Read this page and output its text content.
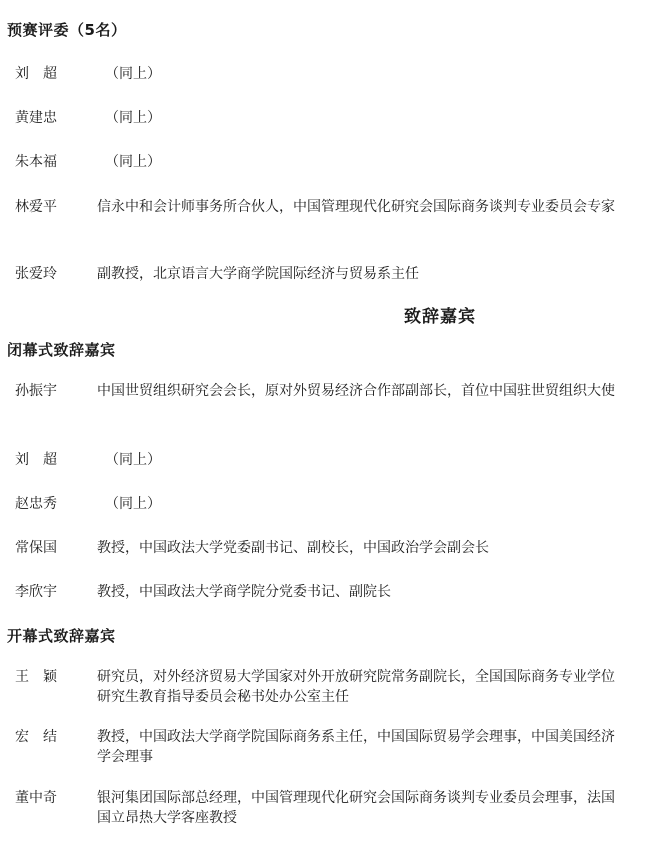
预赛评委（5名）
刘　超	（同上）
黄建忠	（同上）
朱本福	（同上）
林爱平	信永中和会计师事务所合伙人，中国管理现代化研究会国际商务谈判专业委员会专家
张爱玲	副教授，北京语言大学商学院国际经济与贸易系主任
致辞嘉宾
闭幕式致辞嘉宾
孙振宇	中国世贸组织研究会会长，原对外贸易经济合作部副部长，首位中国驻世贸组织大使
刘　超	（同上）
赵忠秀	（同上）
常保国	教授，中国政法大学党委副书记、副校长，中国政治学会副会长
李欣宇	教授，中国政法大学商学院分党委书记、副院长
开幕式致辞嘉宾
王　颖	研究员，对外经济贸易大学国家对外开放研究院常务副院长，全国国际商务专业学位研究生教育指导委员会秘书处办公室主任
宏　结	教授，中国政法大学商学院国际商务系主任，中国国际贸易学会理事，中国美国经济学会理事
董中奇	银河集团国际部总经理，中国管理现代化研究会国际商务谈判专业委员会理事，法国国立昂热大学客座教授
